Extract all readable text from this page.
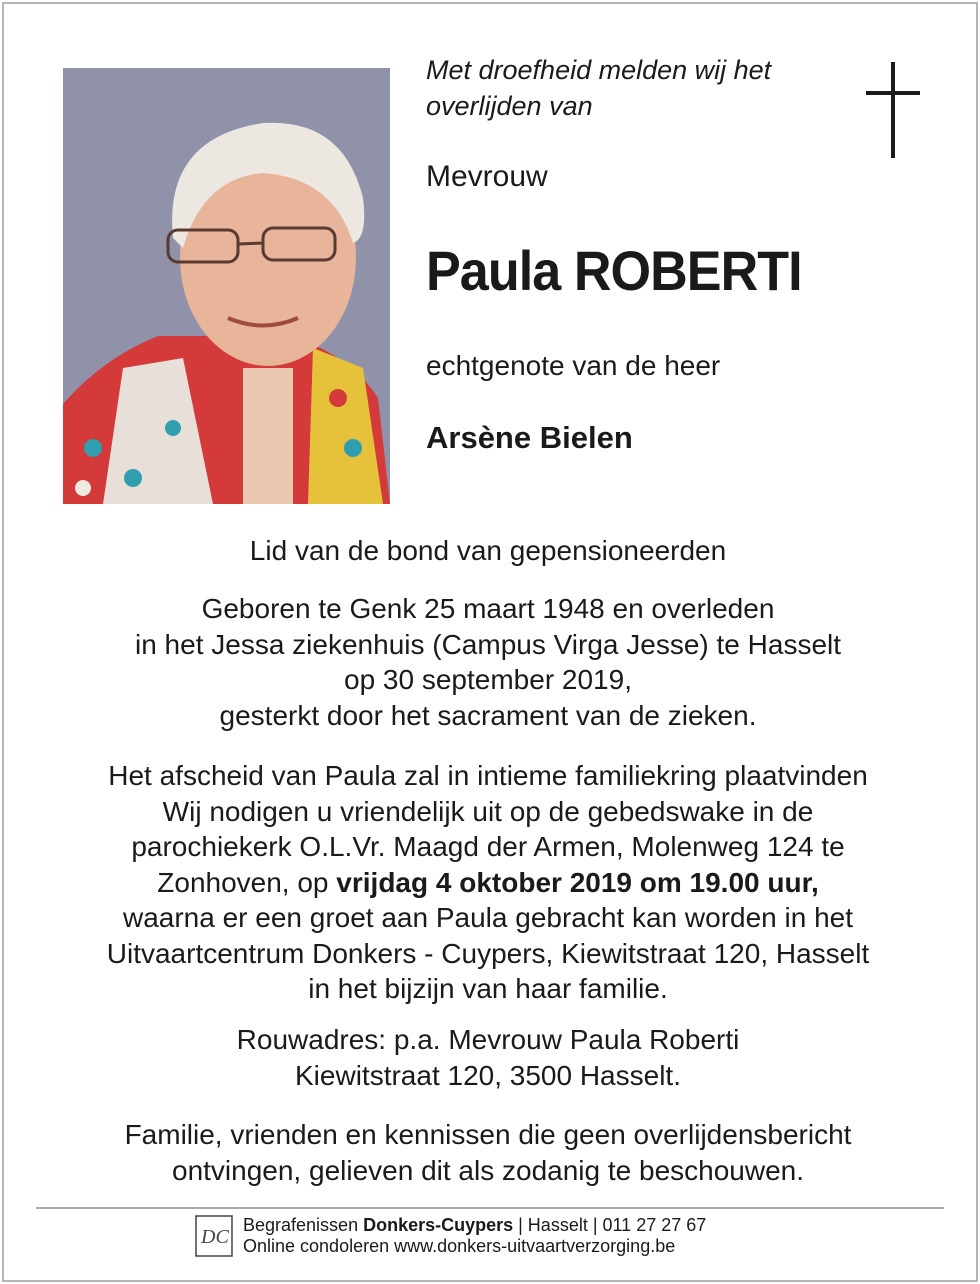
Met droefheid melden wij het overlijden van

Mevrouw

Paula ROBERTI

echtgenote van de heer

Arsène Bielen

Lid van de bond van gepensioneerden

Geboren te Genk 25 maart 1948 en overleden
in het Jessa ziekenhuis (Campus Virga Jesse) te Hasselt
op 30 september 2019,
gesterkt door het sacrament van de zieken.

Het afscheid van Paula zal in intieme familiekring plaatvinden
Wij nodigen u vriendelijk uit op de gebedswake in de
parochiekerk O.L.Vr. Maagd der Armen, Molenweg 124 te
Zonhoven, op vrijdag 4 oktober 2019 om 19.00 uur,
waarna er een groet aan Paula gebracht kan worden in het
Uitvaartcentrum Donkers - Cuypers, Kiewitstraat 120, Hasselt
in het bijzijn van haar familie.

Rouwadres: p.a. Mevrouw Paula Roberti
Kiewitstraat 120, 3500 Hasselt.

Familie, vrienden en kennissen die geen overlijdensbericht
ontvingen, gelieven dit als zodanig te beschouwen.

DC
Begrafenissen Donkers-Cuypers | Hasselt | 011 27 27 67
Online condoleren www.donkers-uitvaartverzorging.be
